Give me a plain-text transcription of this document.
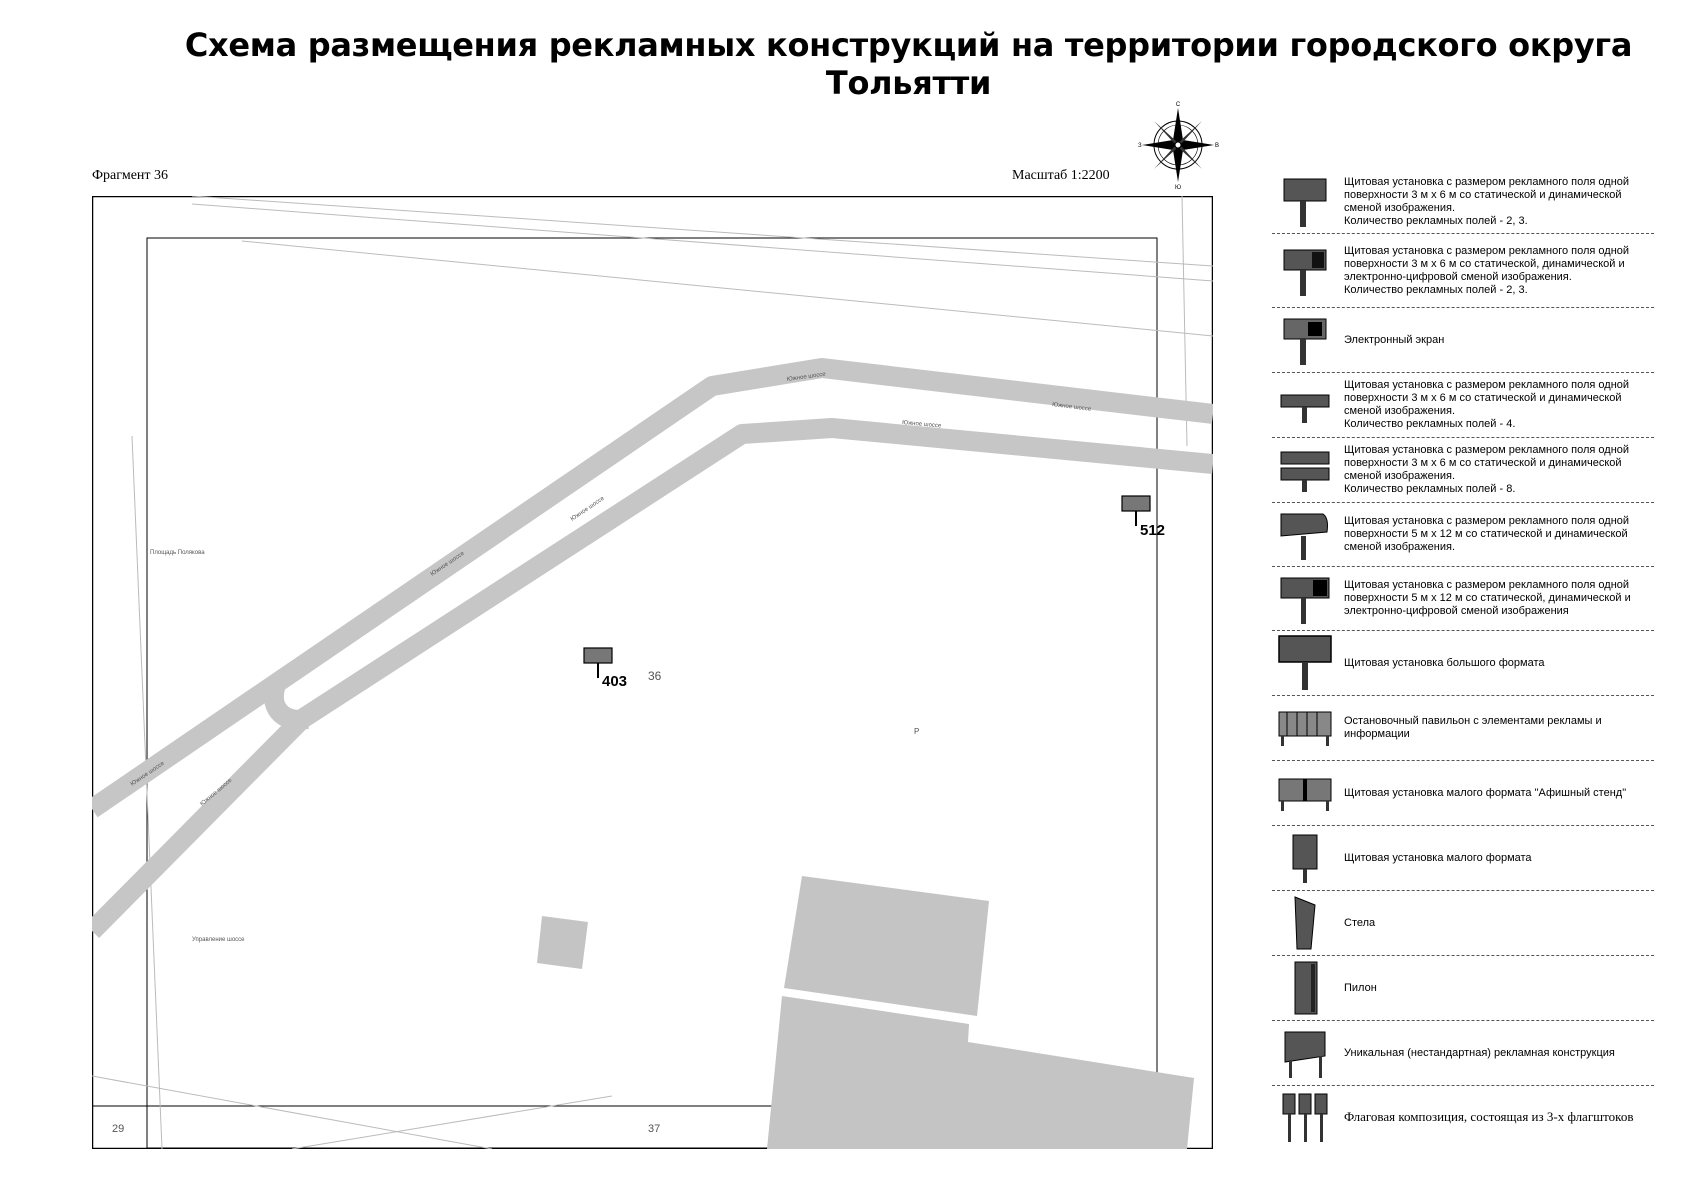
Схема размещения рекламных конструкций на территории городского округа Тольятти
Фрагмент 36	Масштаб 1:2200
С
Ю
З	В
Южное шоссе
Южное шоссе
Южное шоссе
Южное шоссе
Южное шоссе
Южное шоссе
Южное шоссе
Площадь Полякова
Управление шоссе
Р
36
29	37
512
403
Щитовая установка с размером рекламного поля одной поверхности 3 м х 6 м со статической и динамической сменой изображения.
Количество рекламных полей - 2, 3.
Щитовая установка с размером рекламного поля одной поверхности 3 м х 6 м со статической, динамической и электронно-цифровой сменой изображения.
Количество рекламных полей - 2, 3.
Электронный экран
Щитовая установка с размером рекламного поля одной поверхности 3 м х 6 м со статической и динамической сменой изображения.
Количество рекламных полей - 4.
Щитовая установка с размером рекламного поля одной поверхности 3 м х 6 м со статической и динамической сменой изображения.
Количество рекламных полей - 8.
Щитовая установка с размером рекламного поля одной поверхности 5 м х 12 м со статической и динамической сменой изображения.
Щитовая установка с размером рекламного поля одной поверхности 5 м х 12 м со статической, динамической и электронно-цифровой сменой изображения
Щитовая установка большого формата
Остановочный павильон с элементами рекламы и информации
Щитовая установка малого формата "Афишный стенд"
Щитовая установка малого формата
Стела
Пилон
Уникальная (нестандартная) рекламная конструкция
Флаговая композиция, состоящая из 3-х флагштоков
